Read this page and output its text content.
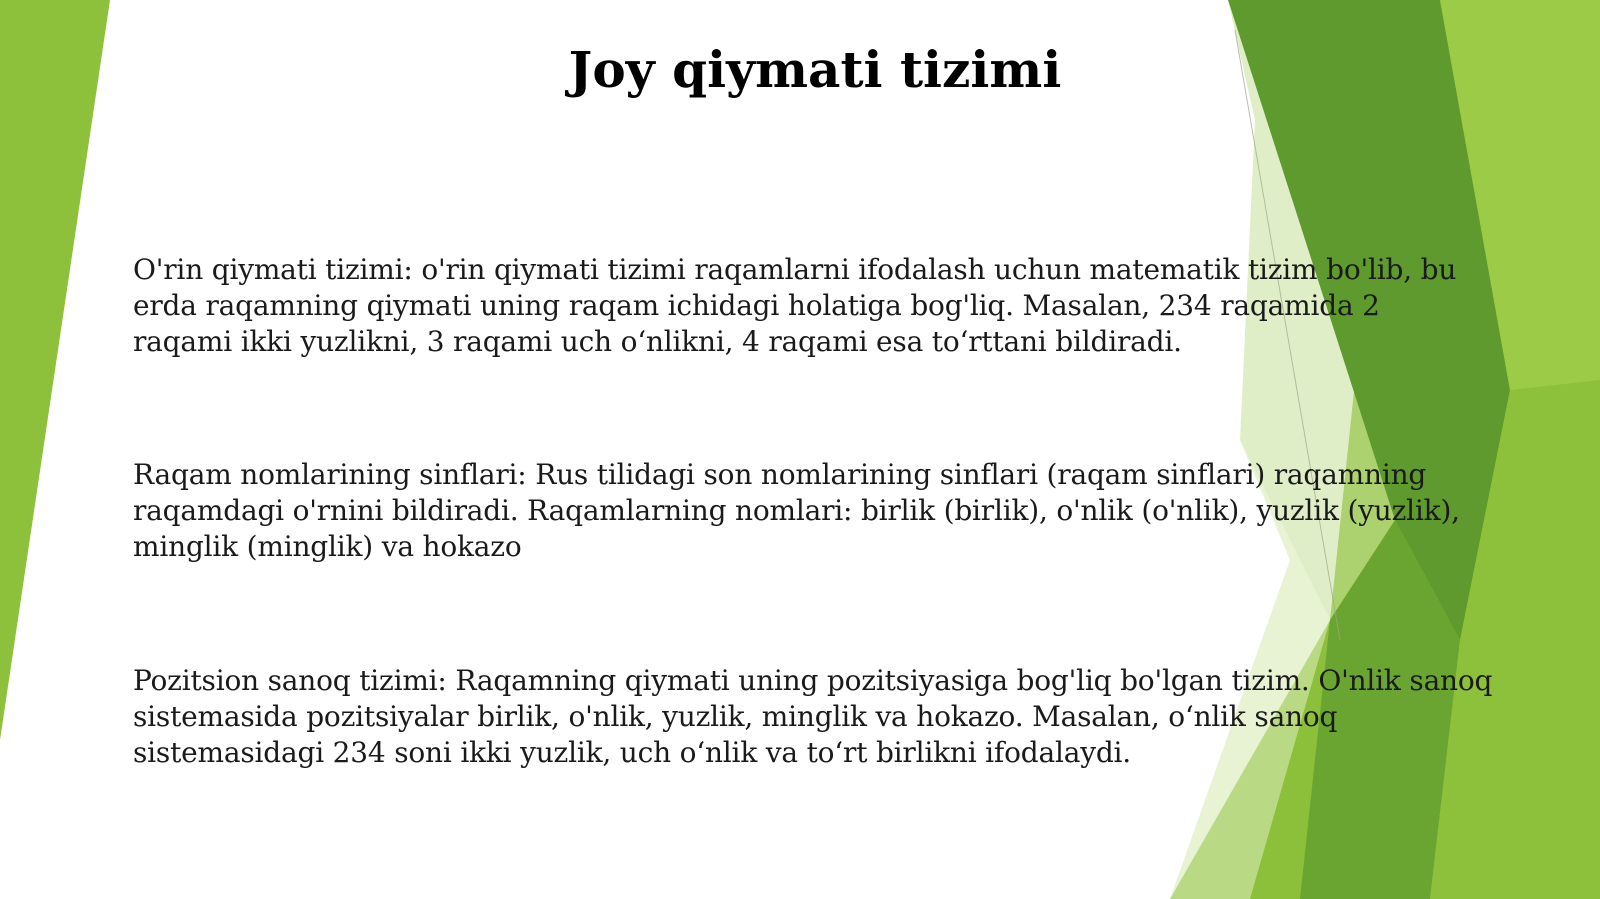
Joy qiymati tizimi

O'rin qiymati tizimi: o'rin qiymati tizimi raqamlarni ifodalash uchun matematik tizim bo'lib, bu erda raqamning qiymati uning raqam ichidagi holatiga bog'liq. Masalan, 234 raqamida 2 raqami ikki yuzlikni, 3 raqami uch o‘nlikni, 4 raqami esa to‘rttani bildiradi.

Raqam nomlarining sinflari: Rus tilidagi son nomlarining sinflari (raqam sinflari) raqamning raqamdagi o'rnini bildiradi. Raqamlarning nomlari: birlik (birlik), o'nlik (o'nlik), yuzlik (yuzlik), minglik (minglik) va hokazo

Pozitsion sanoq tizimi: Raqamning qiymati uning pozitsiyasiga bog'liq bo'lgan tizim. O'nlik sanoq sistemasida pozitsiyalar birlik, o'nlik, yuzlik, minglik va hokazo. Masalan, o‘nlik sanoq sistemasidagi 234 soni ikki yuzlik, uch o‘nlik va to‘rt birlikni ifodalaydi.
